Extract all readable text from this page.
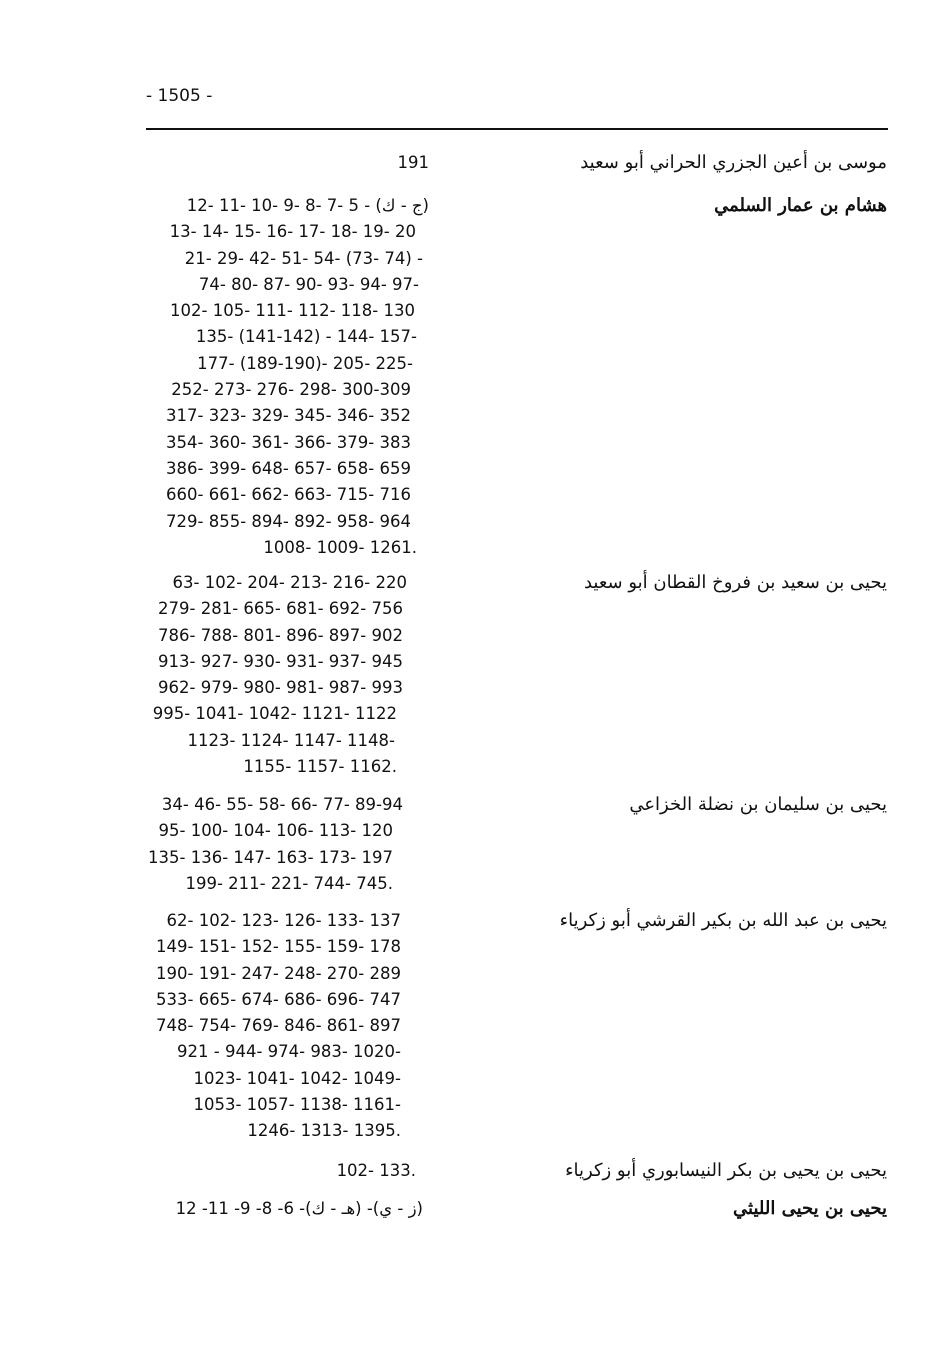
- 1505 -
موسى بن أعين الجزري الحراني أبو سعيد
191
هشام بن عمار السلمي
(ج - ك) - 5 -7 -8 -9 -10 -11 -12
13- 14- 15- 16- 17- 18- 19- 20
21- 29- 42- 51- 54- (73- 74) -
74- 80- 87- 90- 93- 94- 97-
102- 105- 111- 112- 118- 130
135- (141-142) - 144- 157-
177- (189-190)- 205- 225-
252- 273- 276- 298- 300-309
317- 323- 329- 345- 346- 352
354- 360- 361- 366- 379- 383
386- 399- 648- 657- 658- 659
660- 661- 662- 663- 715- 716
729- 855- 894- 892- 958- 964
1008- 1009- 1261.
يحيى بن سعيد بن فروخ القطان أبو سعيد
63- 102- 204- 213- 216- 220
279- 281- 665- 681- 692- 756
786- 788- 801- 896- 897- 902
913- 927- 930- 931- 937- 945
962- 979- 980- 981- 987- 993
995- 1041- 1042- 1121- 1122
1123- 1124- 1147- 1148-
1155- 1157- 1162.
يحيى بن سليمان بن نضلة الخزاعي
34- 46- 55- 58- 66- 77- 89-94
95- 100- 104- 106- 113- 120
135- 136- 147- 163- 173- 197
199- 211- 221- 744- 745.
يحيى بن عبد الله بن بكير القرشي أبو زكرياء
62- 102- 123- 126- 133- 137
149- 151- 152- 155- 159- 178
190- 191- 247- 248- 270- 289
533- 665- 674- 686- 696- 747
748- 754- 769- 846- 861- 897
921 - 944- 974- 983- 1020-
1023- 1041- 1042- 1049-
1053- 1057- 1138- 1161-
1246- 1313- 1395.
يحيى بن يحيى بن بكر النيسابوري أبو زكرياء
102- 133.
يحيى بن يحيى الليثي
(ز - ي)- (هـ - ك)- 6- 8- 9- 11- 12
